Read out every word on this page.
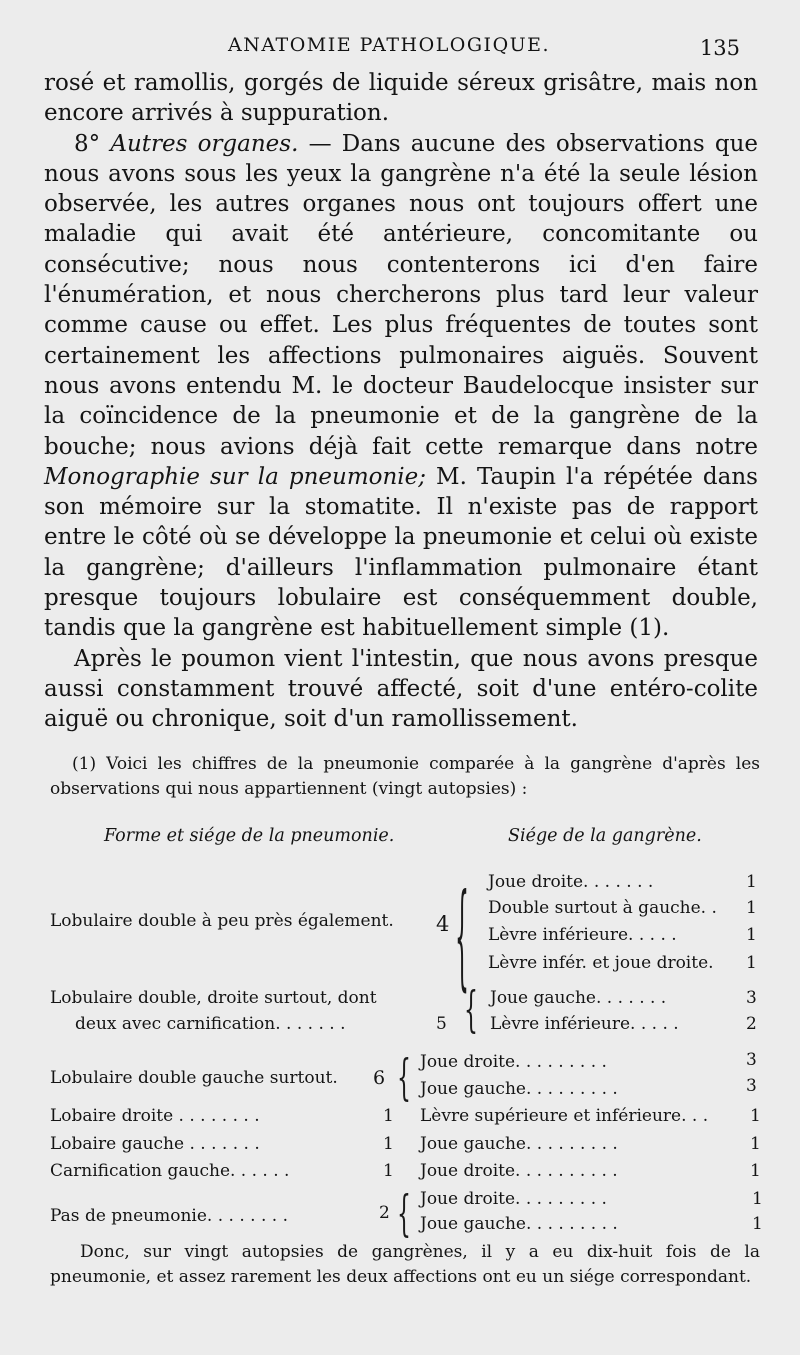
ANATOMIE PATHOLOGIQUE.	135

rosé et ramollis, gorgés de liquide séreux grisâtre, mais non encore arrivés à suppuration.

8° Autres organes. — Dans aucune des observations que nous avons sous les yeux la gangrène n'a été la seule lésion observée, les autres organes nous ont toujours offert une maladie qui avait été antérieure, concomitante ou consécutive; nous nous contenterons ici d'en faire l'énumération, et nous chercherons plus tard leur valeur comme cause ou effet. Les plus fréquentes de toutes sont certainement les affections pulmonaires aiguës. Souvent nous avons entendu M. le docteur Baudelocque insister sur la coïncidence de la pneumonie et de la gangrène de la bouche; nous avions déjà fait cette remarque dans notre Monographie sur la pneumonie; M. Taupin l'a répétée dans son mémoire sur la stomatite. Il n'existe pas de rapport entre le côté où se développe la pneumonie et celui où existe la gangrène; d'ailleurs l'inflammation pulmonaire étant presque toujours lobulaire est conséquemment double, tandis que la gangrène est habituellement simple (1).

Après le poumon vient l'intestin, que nous avons presque aussi constamment trouvé affecté, soit d'une entéro-colite aiguë ou chronique, soit d'un ramollissement.

(1) Voici les chiffres de la pneumonie comparée à la gangrène d'après les observations qui nous appartiennent (vingt autopsies) :

Forme et siége de la pneumonie.	Siége de la gangrène.
Lobulaire double à peu près également. 4 { Joue droite. . . . . . .	1
Double surtout à gauche. . 1
Lèvre inférieure. . . . .	1
Lèvre infér. et joue droite. 1
Lobulaire double, droite surtout, dont
deux avec carnification. . . . . . .	5 { Joue gauche. . . . . . .	3
Lèvre inférieure. . . . .	2
Lobulaire double gauche surtout. 6 { Joue droite. . . . . . . . .	3
Joue gauche. . . . . . . . .	3
Lobaire droite . . . . . . . .	1 Lèvre supérieure et inférieure. . . 1
Lobaire gauche . . . . . . .	1 Joue gauche. . . . . . . . .	1
Carnification gauche. . . . . .	1 Joue droite. . . . . . . . . .	1
Pas de pneumonie. . . . . . . .	2 { Joue droite. . . . . . . . .	1
Joue gauche. . . . . . . . .	1

Donc, sur vingt autopsies de gangrènes, il y a eu dix-huit fois de la pneumonie, et assez rarement les deux affections ont eu un siége correspondant.
